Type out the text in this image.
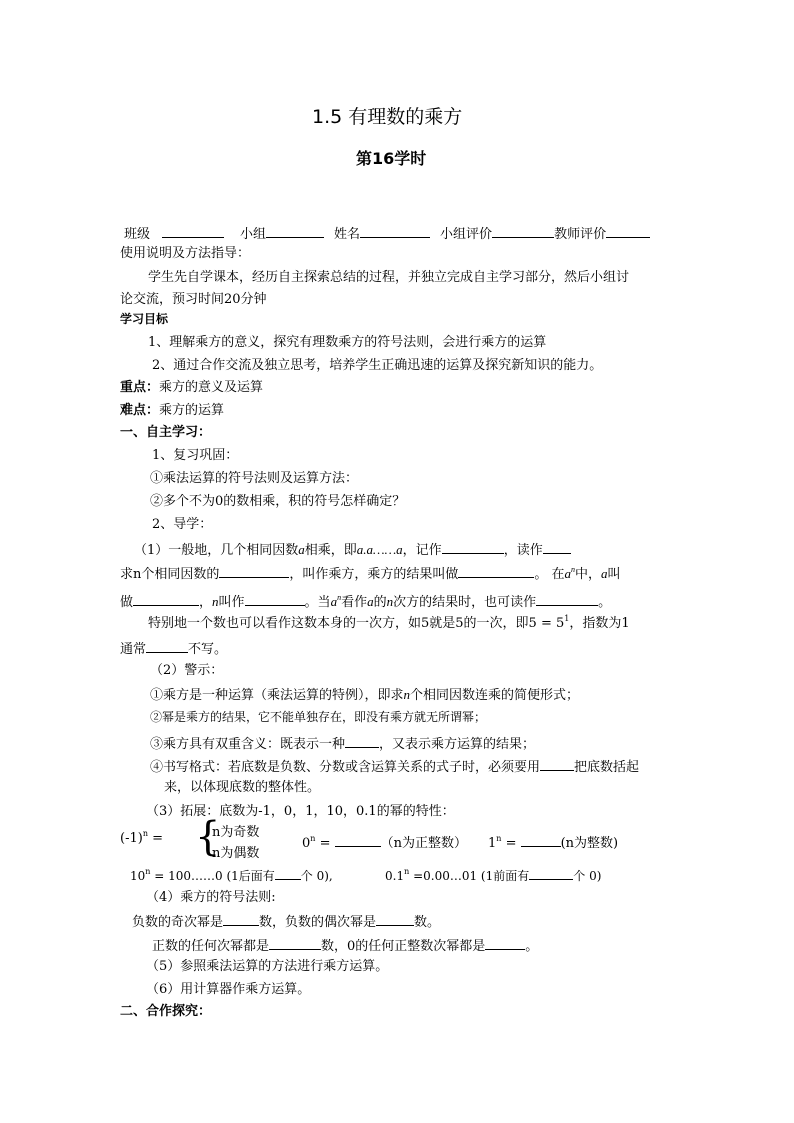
1.5 有理数的乘方
第16学时
班级	小组	姓名	小组评价	教师评价
使用说明及方法指导：
学生先自学课本，经历自主探索总结的过程，并独立完成自主学习部分，然后小组讨
论交流，预习时间20分钟
学习目标
1、理解乘方的意义，探究有理数乘方的符号法则，会进行乘方的运算
2、通过合作交流及独立思考，培养学生正确迅速的运算及探究新知识的能力。
重点：乘方的意义及运算
难点：乘方的运算
一、自主学习：
1、复习巩固：
①乘法运算的符号法则及运算方法：
②多个不为0的数相乘，积的符号怎样确定？
2、导学：
（1）一般地，几个相同因数a相乘，即a.a……a，记作	，读作
求n个相同因数的	，叫作乘方，乘方的结果叫做	。 在$a^n$中，a叫
做	，n叫作	。当$a^n$看作a的n次方的结果时，也可读作	。
特别地一个数也可以看作这数本身的一次方，如5就是5的一次，即$5 = 5^1$，指数为1
通常	不写。
（2）警示：
①乘方是一种运算（乘法运算的特例），即求n个相同因数连乘的简便形式；
②幂是乘方的结果，它不能单独存在，即没有乘方就无所谓幂；
③乘方具有双重含义：既表示一种	，又表示乘方运算的结果；
④书写格式：若底数是负数、分数或含运算关系的式子时，必须要用	把底数括起
来，以体现底数的整体性。
（3）拓展：底数为-1，0，1，10，0.1的幂的特性：
$(-1)^n$ = {
n为奇数
n为偶数
$0^n$ =	（n为正整数） $1^n$ =	(n为整数)
$10^n$ = 100……0 (1后面有 个 0),	$0.1^n$ =0.00…01 (1前面有	个 0)
（4）乘方的符号法则:
负数的奇次幂是	数，负数的偶次幂是	数。
正数的任何次幂都是	数，0的任何正整数次幂都是	。
（5）参照乘法运算的方法进行乘方运算。
（6）用计算器作乘方运算。
二、合作探究：
